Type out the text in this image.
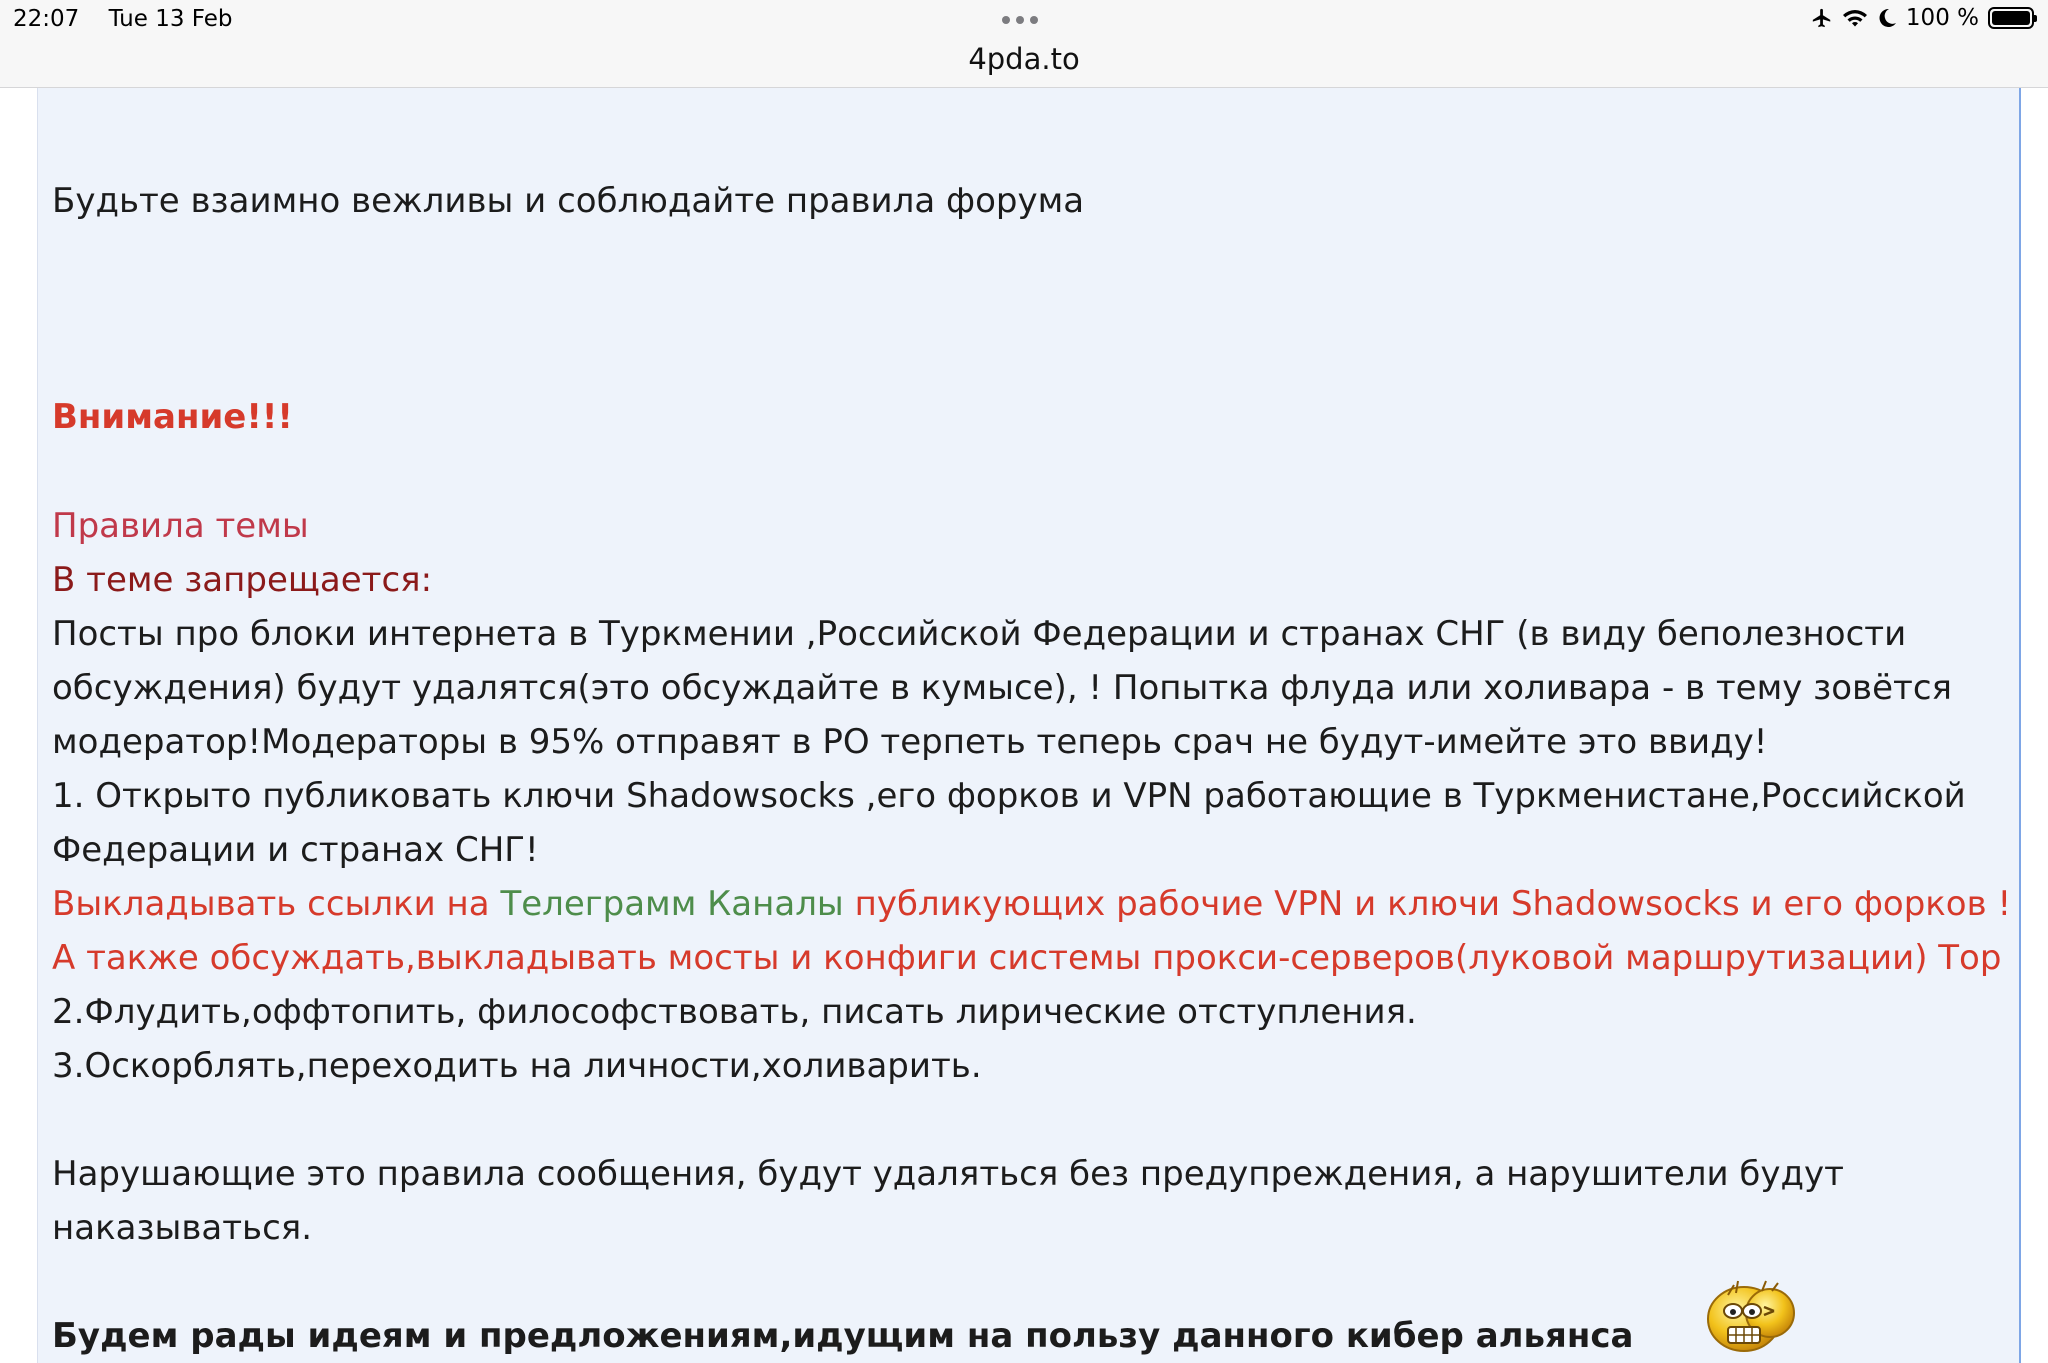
22:07 Tue 13 Feb	100 %
4pda.to
Будьте взаимно вежливы и соблюдайте правила форума
Внимание!!!
Правила темы
В теме запрещается:
Посты про блоки интернета в Туркмении ,Российской Федерации и странах СНГ (в виду беполезности
обсуждения) будут удалятся(это обсуждайте в кумысе), ! Попытка флуда или холивара - в тему зовётся
модератор!Модераторы в 95% отправят в РО терпеть теперь срач не будут-имейте это ввиду!
1. Открыто публиковать ключи Shadowsocks ,его форков и VPN работающие в Туркменистане,Российской
Федерации и странах СНГ!
Выкладывать ссылки на Телеграмм Каналы публикующих рабочие VPN и ключи Shadowsocks и его форков !
А также обсуждать,выкладывать мосты и конфиги системы прокси-серверов(луковой маршрутизации) Tор
2.Флудить,оффтопить, философствовать, писать лирические отступления.
3.Оскорблять,переходить на личности,холиварить.
Нарушающие это правила сообщения, будут удаляться без предупреждения, а нарушители будут
наказываться.
Будем рады идеям и предложениям,идущим на пользу данного кибер альянса
